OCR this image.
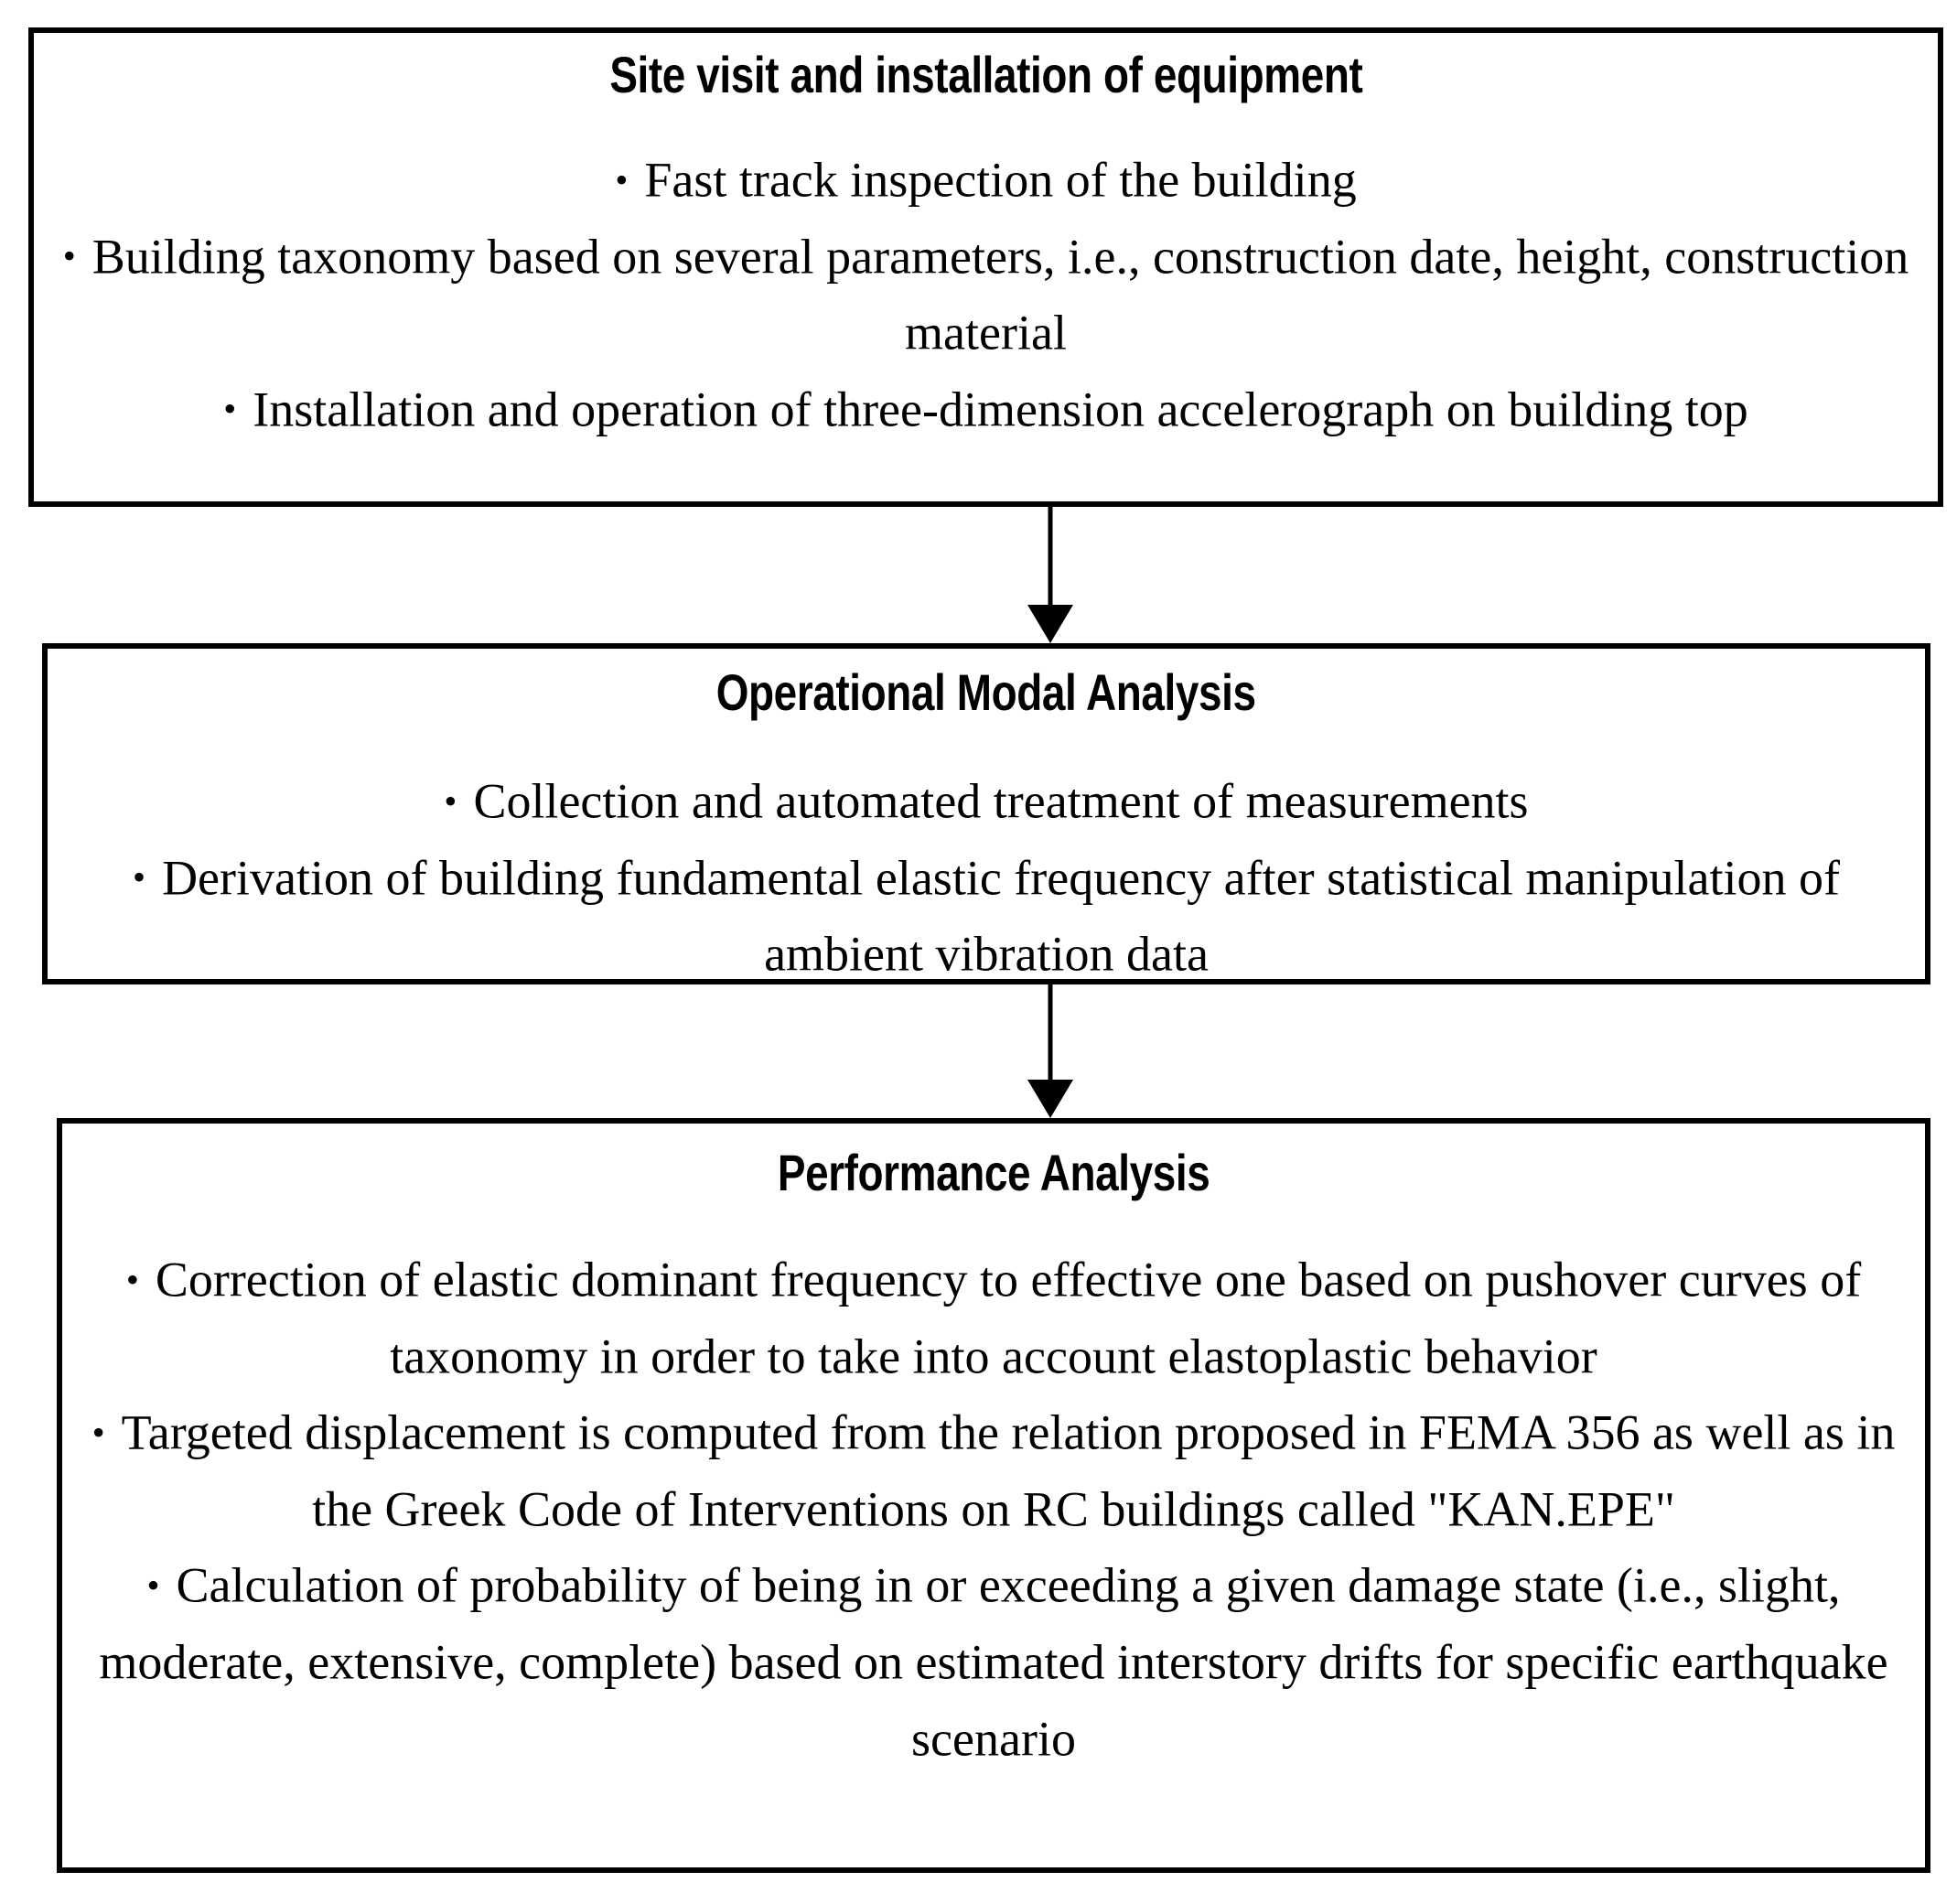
Site visit and installation of equipment
• Fast track inspection of the building
• Building taxonomy based on several parameters, i.e., construction date, height, construction material
• Installation and operation of three-dimension accelerograph on building top
Operational Modal Analysis
• Collection and automated treatment of measurements
• Derivation of building fundamental elastic frequency after statistical manipulation of ambient vibration data
Performance Analysis
• Correction of elastic dominant frequency to effective one based on pushover curves of taxonomy in order to take into account elastoplastic behavior
• Targeted displacement is computed from the relation proposed in FEMA 356 as well as in the Greek Code of Interventions on RC buildings called "KAN.EPE"
• Calculation of probability of being in or exceeding a given damage state (i.e., slight, moderate, extensive, complete) based on estimated interstory drifts for specific earthquake scenario
